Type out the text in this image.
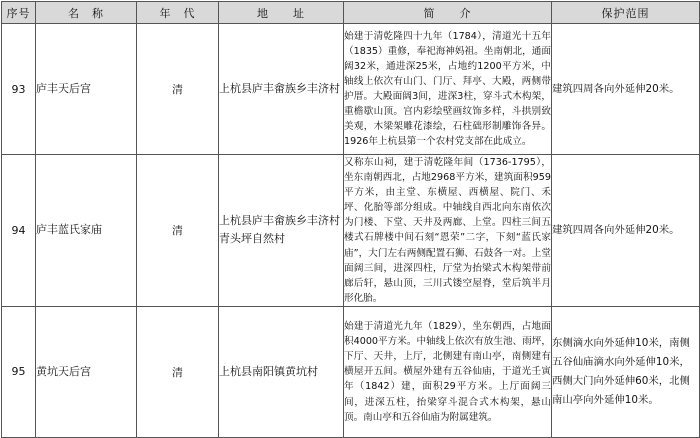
序号	名　称	年　代	地　　址	简　　介	保护范围
93	庐丰天后宫	清	上杭县庐丰畲族乡丰济村	始建于清乾隆四十九年（1784），清道光十五年（1835）重修，奉祀海神妈祖。坐南朝北，通面阔32米，通进深25米，占地约1200平方米，中轴线上依次有山门、门厅、拜亭、大殿，两侧带护厝。大殿面阔3间，进深3柱，穿斗式木构架，重檐歇山顶。宫内彩绘壁画纹饰多样，斗拱别致美观，木梁架雕花漆绘，石柱础形制雕饰各异。1926年上杭县第一个农村党支部在此成立。	建筑四周各向外延伸20米。
94	庐丰蓝氏家庙	清	上杭县庐丰畲族乡丰济村青头坪自然村	又称东山祠，建于清乾隆年间（1736-1795），坐东南朝西北，占地2968平方米，建筑面积959平方米，由主堂、东横屋、西横屋、院门、禾坪、化胎等部分组成。中轴线自西北向东南依次为门楼、下堂、天井及两廊、上堂。四柱三间五楼式石牌楼中间石刻“恩荣”二字，下刻“蓝氏家庙”，大门左右两侧配置石狮、石鼓各一对。上堂面阔三间，进深四柱，厅堂为抬梁式木构架带前廊后轩，悬山顶，三川式镂空屋脊，堂后筑半月形化胎。	建筑四周各向外延伸20米。
95	黄坑天后宫	清	上杭县南阳镇黄坑村	始建于清道光九年（1829），坐东朝西，占地面积4000平方米。中轴线上依次有放生池、雨坪，下厅、天井，上厅，北侧建有南山亭，南侧建有横屋开五间。横屋外建有五谷仙庙，于道光壬寅年（1842）建，面积29平方米。上厅面阔三间，进深五柱，抬梁穿斗混合式木构架，悬山顶。南山亭和五谷仙庙为附属建筑。	东侧滴水向外延伸10米，南侧五谷仙庙滴水向外延伸10米，西侧大门向外延伸60米，北侧南山亭向外延伸10米。
